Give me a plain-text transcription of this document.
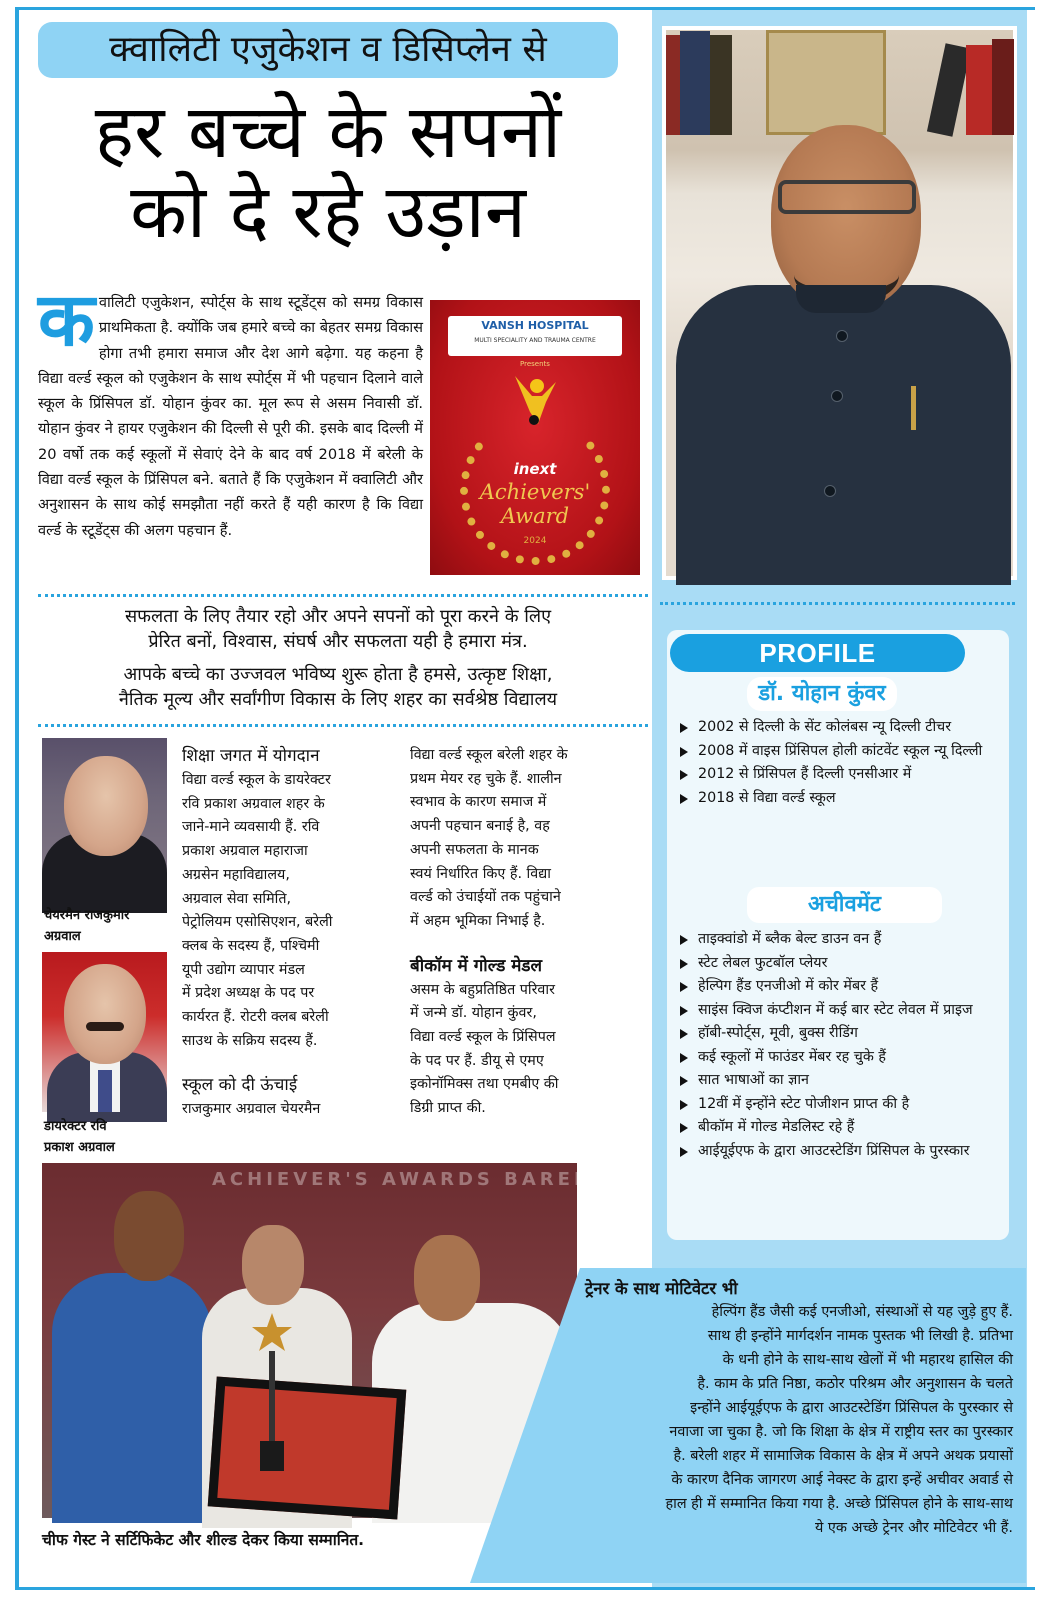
क्वालिटी एजुकेशन व डिसिप्लेन से
हर बच्चे के सपनों
को दे रहे उड़ान
कवालिटी एजुकेशन, स्पोर्ट्स के साथ स्टूडेंट्स को समग्र विकास प्राथमिकता है. क्योंकि जब हमारे बच्चे का बेहतर समग्र विकास होगा तभी हमारा समाज और देश आगे बढ़ेगा. यह कहना है विद्या वर्ल्ड स्कूल को एजुकेशन के साथ स्पोर्ट्स में भी पहचान दिलाने वाले स्कूल के प्रिंसिपल डॉ. योहान कुंवर का. मूल रूप से असम निवासी डॉ. योहान कुंवर ने हायर एजुकेशन की दिल्ली से पूरी की. इसके बाद दिल्ली में 20 वर्षो तक कई स्कूलों में सेवाएं देने के बाद वर्ष 2018 में बरेली के विद्या वर्ल्ड स्कूल के प्रिंसिपल बने. बताते हैं कि एजुकेशन में क्वालिटी और अनुशासन के साथ कोई समझौता नहीं करते हैं यही कारण है कि विद्या वर्ल्ड के स्टूडेंट्स की अलग पहचान हैं.
VANSH HOSPITAL
MULTI SPECIALITY AND TRAUMA CENTRE
Presents
inext
Achievers'
Award
2024
सफलता के लिए तैयार रहो और अपने सपनों को पूरा करने के लिए
प्रेरित बनों, विश्वास, संघर्ष और सफलता यही है हमारा मंत्र.
आपके बच्चे का उज्जवल भविष्य शुरू होता है हमसे, उत्कृष्ट शिक्षा,
नैतिक मूल्य और सर्वांगीण विकास के लिए शहर का सर्वश्रेष्ठ विद्यालय
चेयरमैन राजकुमार
अग्रवाल
डायरेक्टर रवि
प्रकाश अग्रवाल
शिक्षा जगत में योगदान
विद्या वर्ल्ड स्कूल के डायरेक्टर
रवि प्रकाश अग्रवाल शहर के
जाने-माने व्यवसायी हैं. रवि
प्रकाश अग्रवाल महाराजा
अग्रसेन महाविद्यालय,
अग्रवाल सेवा समिति,
पेट्रोलियम एसोसिएशन, बरेली
क्लब के सदस्य हैं, पश्चिमी
यूपी उद्योग व्यापार मंडल
में प्रदेश अध्यक्ष के पद पर
कार्यरत हैं. रोटरी क्लब बरेली
साउथ के सक्रिय सदस्य हैं.
स्कूल को दी ऊंचाई
राजकुमार अग्रवाल चेयरमैन
विद्या वर्ल्ड स्कूल बरेली शहर के
प्रथम मेयर रह चुके हैं. शालीन
स्वभाव के कारण समाज में
अपनी पहचान बनाई है, वह
अपनी सफलता के मानक
स्वयं निर्धारित किए हैं. विद्या
वर्ल्ड को उंचाईयों तक पहुंचाने
में अहम भूमिका निभाई है.
बीकॉम में गोल्ड मेडल
असम के बहुप्रतिष्ठित परिवार
में जन्मे डॉ. योहान कुंवर,
विद्या वर्ल्ड स्कूल के प्रिंसिपल
के पद पर हैं. डीयू से एमए
इकोनॉमिक्स तथा एमबीए की
डिग्री प्राप्त की.
PROFILE
डॉ. योहान कुंवर
2002 से दिल्ली के सेंट कोलंबस न्यू दिल्ली टीचर
2008 में वाइस प्रिंसिपल होली कांटवेंट स्कूल न्यू दिल्ली
2012 से प्रिंसिपल हैं दिल्ली एनसीआर में
2018 से विद्या वर्ल्ड स्कूल
अचीवमेंट
ताइक्वांडो में ब्लैक बेल्ट डाउन वन हैं
स्टेट लेबल फुटबॉल प्लेयर
हेल्पिग हैंड एनजीओ में कोर मेंबर हैं
साइंस क्विज कंप्टीशन में कई बार स्टेट लेवल में प्राइज
हॉबी-स्पोर्ट्स, मूवी, बुक्स रीडिंग
कई स्कूलों में फाउंडर मेंबर रह चुके हैं
सात भाषाओं का ज्ञान
12वीं में इन्होंने स्टेट पोजीशन प्राप्त की है
बीकॉम में गोल्ड मेडलिस्ट रहे हैं
आईयूईएफ के द्वारा आउटस्टेडिंग प्रिंसिपल के पुरस्कार
ACHIEVER'S AWARDS BAREILLY
चीफ गेस्ट ने सर्टिफिकेट और शील्ड देकर किया सम्मानित.
ट्रेनर के साथ मोटिवेटर भी
हेल्पिंग हैंड जैसी कई एनजीओ, संस्थाओं से यह जुड़े हुए हैं.
साथ ही इन्होंने मार्गदर्शन नामक पुस्तक भी लिखी है. प्रतिभा
के धनी होने के साथ-साथ खेलों में भी महारथ हासिल की
है. काम के प्रति निष्ठा, कठोर परिश्रम और अनुशासन के चलते
इन्होंने आईयूईएफ के द्वारा आउटस्टेडिंग प्रिंसिपल के पुरस्कार से
नवाजा जा चुका है. जो कि शिक्षा के क्षेत्र में राष्ट्रीय स्तर का पुरस्कार
है. बरेली शहर में सामाजिक विकास के क्षेत्र में अपने अथक प्रयासों
के कारण दैनिक जागरण आई नेक्स्ट के द्वारा इन्हें अचीवर अवार्ड से
हाल ही में सम्मानित किया गया है. अच्छे प्रिंसिपल होने के साथ-साथ
ये एक अच्छे ट्रेनर और मोटिवेटर भी हैं.
